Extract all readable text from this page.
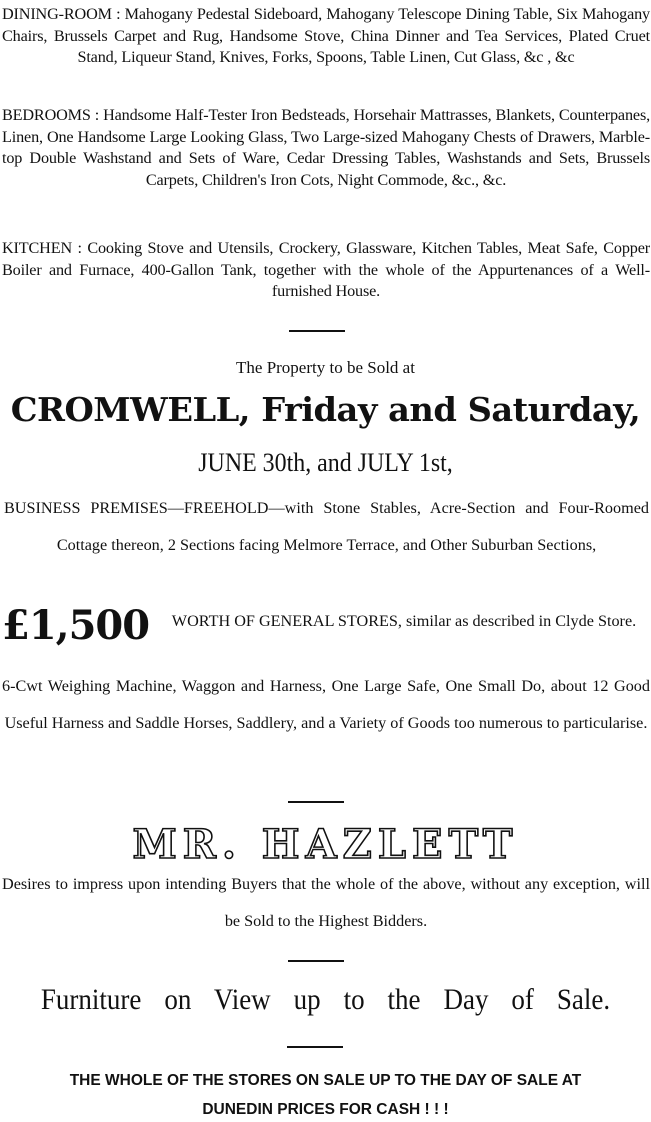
DINING-ROOM : Mahogany Pedestal Sideboard, Mahogany Telescope Dining Table, Six Mahogany Chairs, Brussels Carpet and Rug, Handsome Stove, China Dinner and Tea Services, Plated Cruet Stand, Liqueur Stand, Knives, Forks, Spoons, Table Linen, Cut Glass, &c , &c

BEDROOMS : Handsome Half-Tester Iron Bedsteads, Horsehair Mattrasses, Blankets, Counterpanes, Linen, One Handsome Large Looking Glass, Two Large-sized Mahogany Chests of Drawers, Marble-top Double Washstand and Sets of Ware, Cedar Dressing Tables, Washstands and Sets, Brussels Carpets, Children's Iron Cots, Night Commode, &c., &c.

KITCHEN : Cooking Stove and Utensils, Crockery, Glassware, Kitchen Tables, Meat Safe, Copper Boiler and Furnace, 400-Gallon Tank, together with the whole of the Appurtenances of a Well-furnished House.

The Property to be Sold at

CROMWELL, Friday and Saturday,

JUNE 30th, and JULY 1st,

BUSINESS PREMISES—FREEHOLD—with Stone Stables, Acre-Section and Four-Roomed Cottage thereon, 2 Sections facing Melmore Terrace, and Other Suburban Sections,

£1,500	WORTH OF GENERAL STORES, similar as described in Clyde Store.

6-Cwt Weighing Machine, Waggon and Harness, One Large Safe, One Small Do, about 12 Good Useful Harness and Saddle Horses, Saddlery, and a Variety of Goods too numerous to particularise.

MR. HAZLETT

Desires to impress upon intending Buyers that the whole of the above, without any exception, will be Sold to the Highest Bidders.

Furniture on View up to the Day of Sale.

THE WHOLE OF THE STORES ON SALE UP TO THE DAY OF SALE AT

DUNEDIN PRICES FOR CASH ! ! !
